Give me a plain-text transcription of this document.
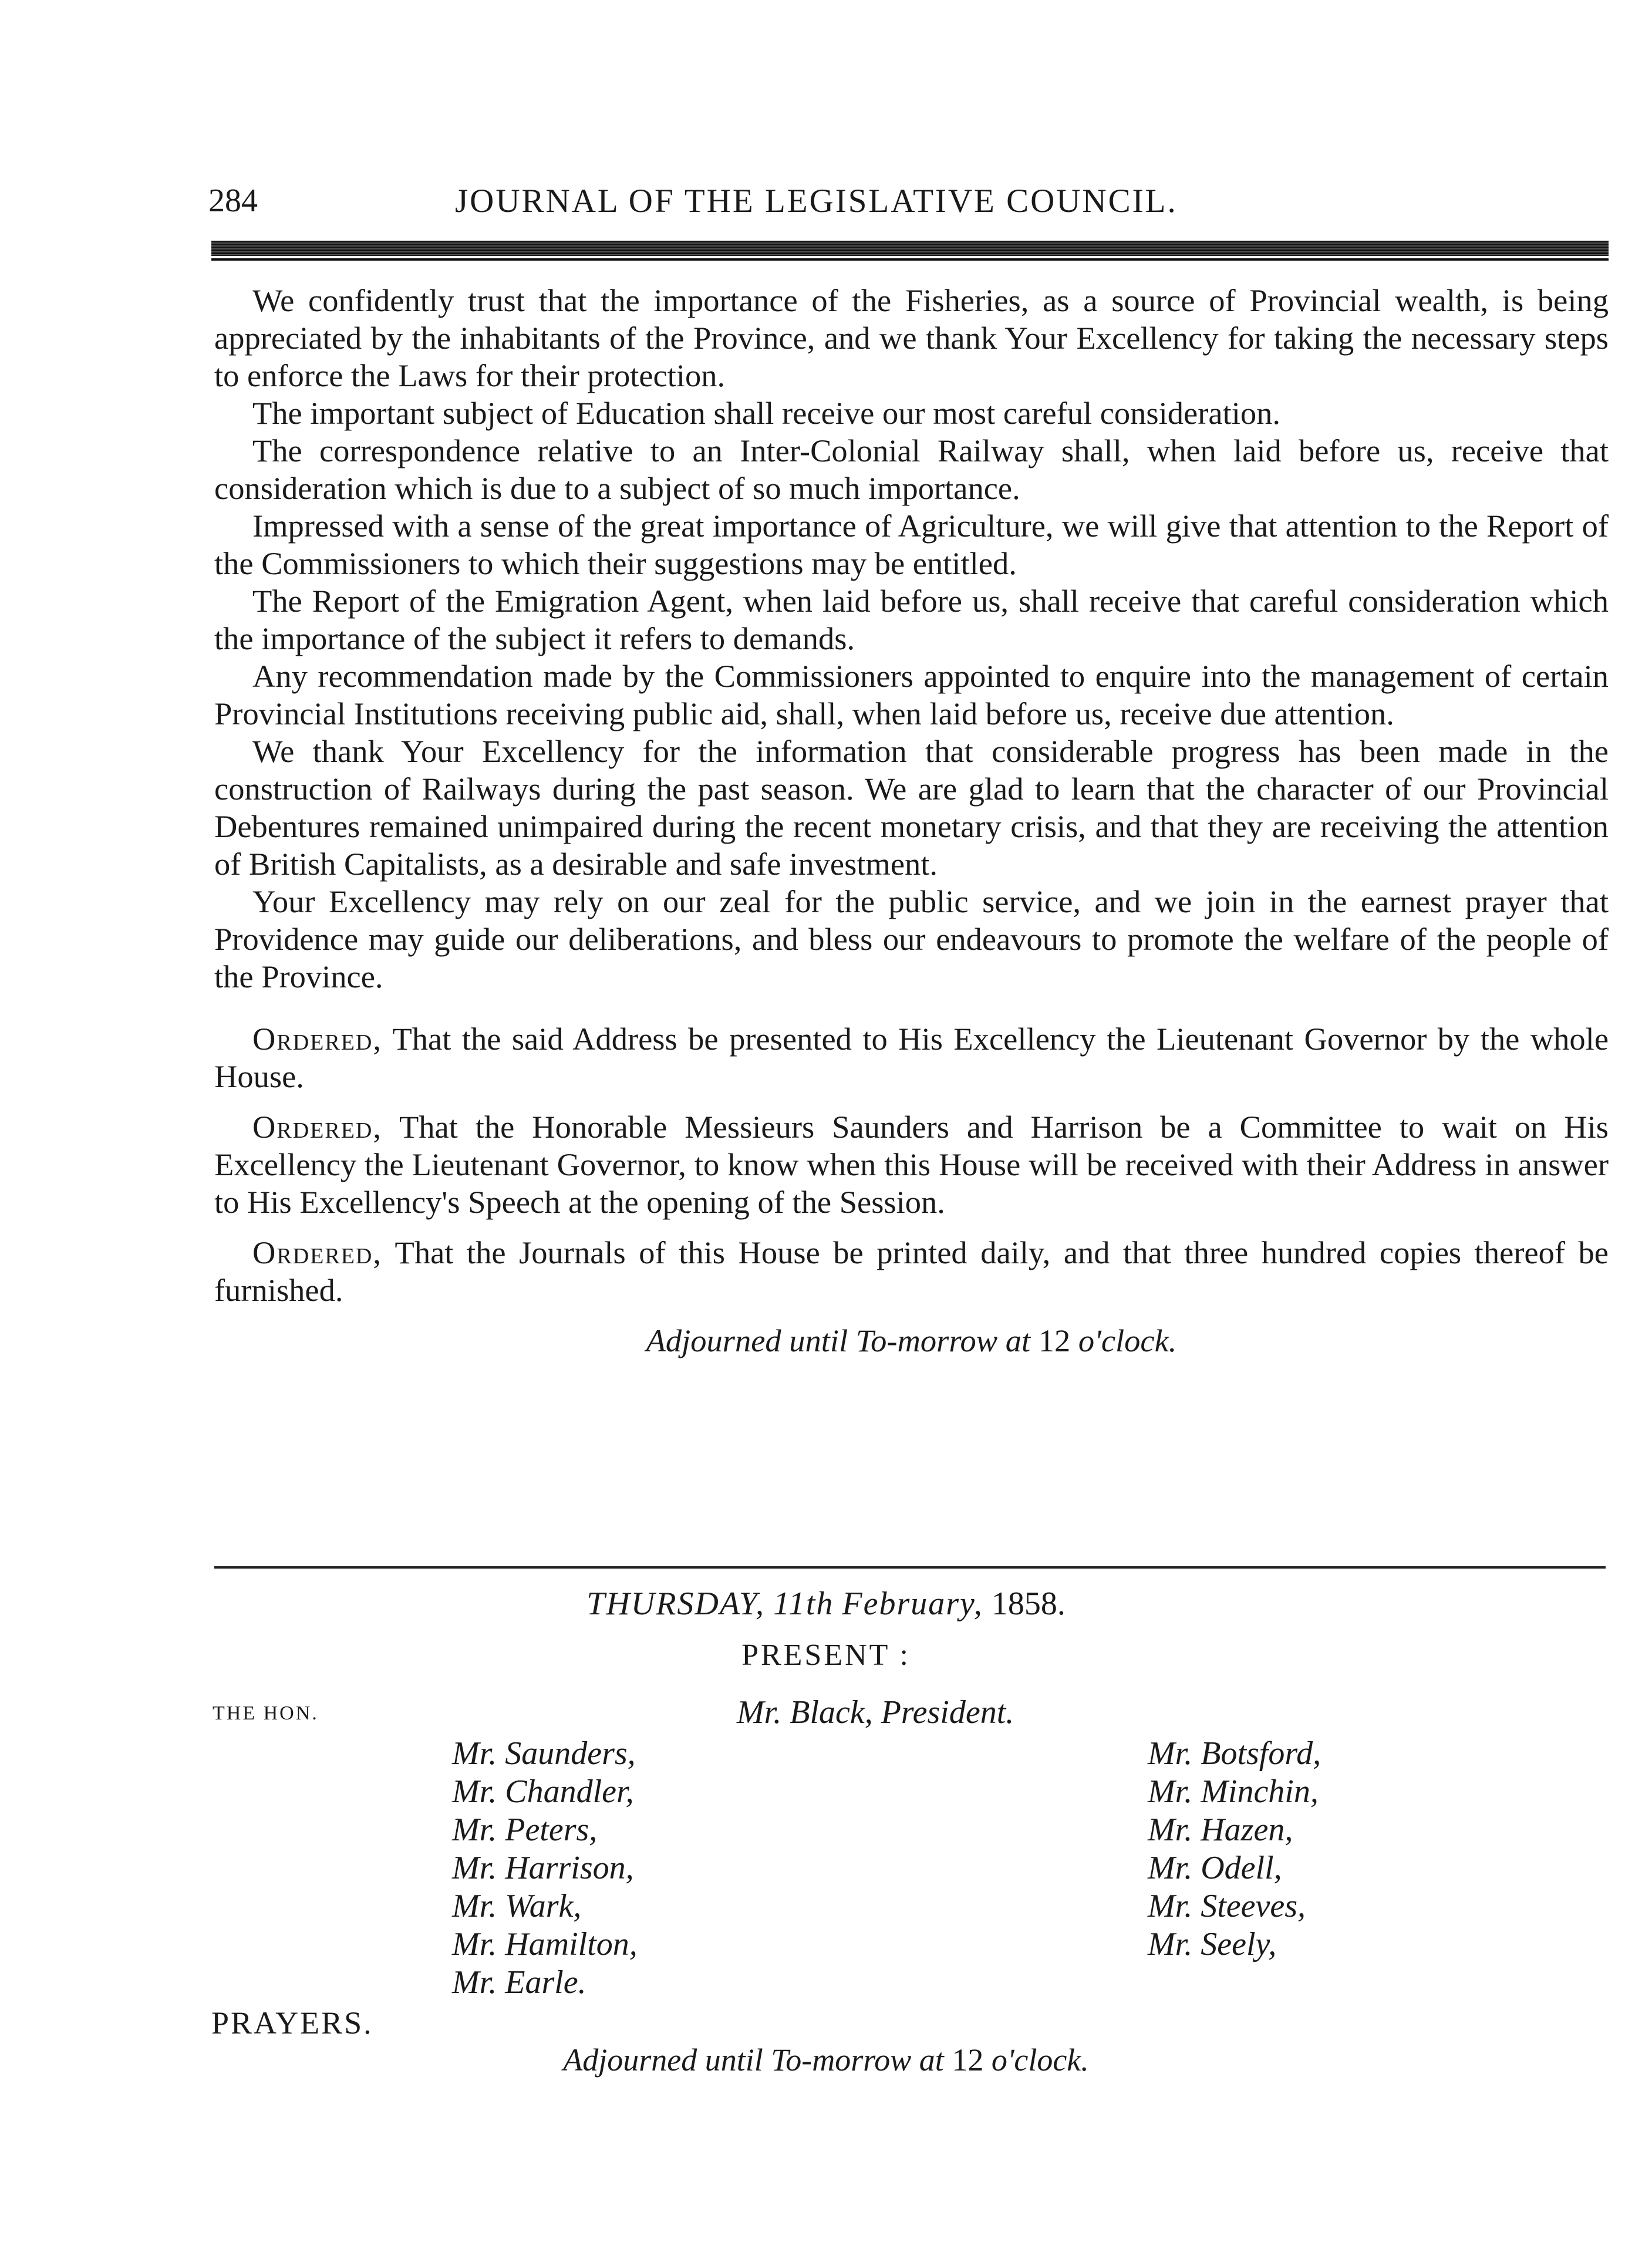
284	JOURNAL OF THE LEGISLATIVE COUNCIL.

We confidently trust that the importance of the Fisheries, as a source of Provincial wealth, is being appreciated by the inhabitants of the Province, and we thank Your Excellency for taking the necessary steps to enforce the Laws for their protection.

The important subject of Education shall receive our most careful consideration.

The correspondence relative to an Inter-Colonial Railway shall, when laid before us, receive that consideration which is due to a subject of so much importance.

Impressed with a sense of the great importance of Agriculture, we will give that attention to the Report of the Commissioners to which their suggestions may be entitled.

The Report of the Emigration Agent, when laid before us, shall receive that careful consideration which the importance of the subject it refers to demands.

Any recommendation made by the Commissioners appointed to enquire into the management of certain Provincial Institutions receiving public aid, shall, when laid before us, receive due attention.

We thank Your Excellency for the information that considerable progress has been made in the construction of Railways during the past season. We are glad to learn that the character of our Provincial Debentures remained unimpaired during the recent monetary crisis, and that they are receiving the attention of British Capitalists, as a desirable and safe investment.

Your Excellency may rely on our zeal for the public service, and we join in the earnest prayer that Providence may guide our deliberations, and bless our endeavours to promote the welfare of the people of the Province.

Ordered, That the said Address be presented to His Excellency the Lieutenant Governor by the whole House.

Ordered, That the Honorable Messieurs Saunders and Harrison be a Committee to wait on His Excellency the Lieutenant Governor, to know when this House will be received with their Address in answer to His Excellency's Speech at the opening of the Session.

Ordered, That the Journals of this House be printed daily, and that three hundred copies thereof be furnished.

Adjourned until To-morrow at 12 o'clock.
THURSDAY, 11th February, 1858.
PRESENT :
THE HON.	Mr. Black, President.
Mr. Saunders,
Mr. Chandler,
Mr. Peters,
Mr. Harrison,
Mr. Wark,
Mr. Hamilton,
Mr. Earle.
Mr. Botsford,
Mr. Minchin,
Mr. Hazen,
Mr. Odell,
Mr. Steeves,
Mr. Seely,
PRAYERS.
Adjourned until To-morrow at 12 o'clock.
